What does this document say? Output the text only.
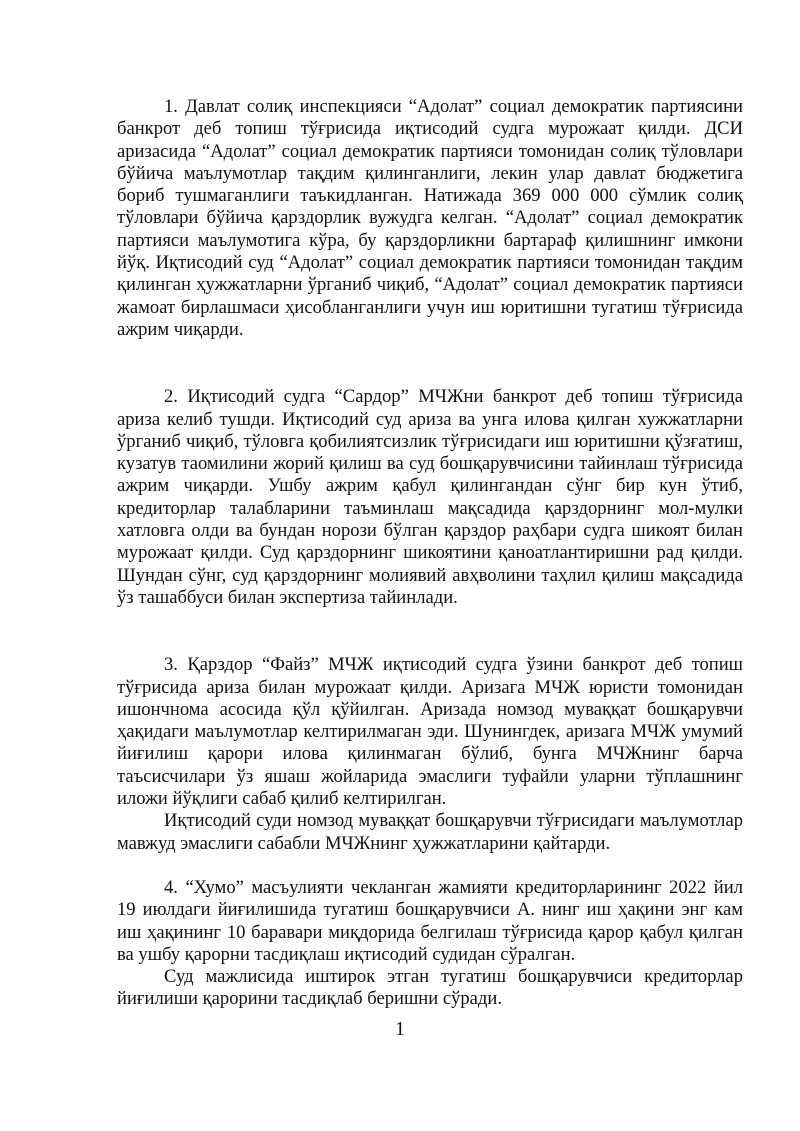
1. Давлат солиқ инспекцияси “Адолат” социал демократик партиясини банкрот деб топиш тўғрисида иқтисодий судга мурожаат қилди. ДСИ аризасида “Адолат” социал демократик партияси томонидан солиқ тўловлари бўйича маълумотлар тақдим қилинганлиги, лекин улар давлат бюджетига бориб тушмаганлиги таъкидланган. Натижада 369 000 000 сўмлик солиқ тўловлари бўйича қарздорлик вужудга келган. “Адолат” социал демократик партияси маълумотига кўра, бу қарздорликни бартараф қилишнинг имкони йўқ. Иқтисодий суд “Адолат” социал демократик партияси томонидан тақдим қилинган ҳужжатларни ўрганиб чиқиб, “Адолат” социал демократик партияси жамоат бирлашмаси ҳисобланганлиги учун иш юритишни тугатиш тўғрисида ажрим чиқарди.

2. Иқтисодий судга “Сардор” МЧЖни банкрот деб топиш тўғрисида ариза келиб тушди. Иқтисодий суд ариза ва унга илова қилган хужжатларни ўрганиб чиқиб, тўловга қобилиятсизлик тўғрисидаги иш юритишни қўзғатиш, кузатув таомилини жорий қилиш ва суд бошқарувчисини тайинлаш тўғрисида ажрим чиқарди. Ушбу ажрим қабул қилингандан сўнг бир кун ўтиб, кредиторлар талабларини таъминлаш мақсадида қарздорнинг мол-мулки хатловга олди ва бундан норози бўлган қарздор раҳбари судга шикоят билан мурожаат қилди. Суд қарздорнинг шикоятини қаноатлантиришни рад қилди. Шундан сўнг, суд қарздорнинг молиявий авҳволини таҳлил қилиш мақсадида ўз ташаббуси билан экспертиза тайинлади.

3. Қарздор “Файз” МЧЖ иқтисодий судга ўзини банкрот деб топиш тўғрисида ариза билан мурожаат қилди. Аризага МЧЖ юристи томонидан ишончнома асосида қўл қўйилган. Аризада номзод муваққат бошқарувчи ҳақидаги маълумотлар келтирилмаган эди. Шунингдек, аризага МЧЖ умумий йиғилиш қарори илова қилинмаган бўлиб, бунга МЧЖнинг барча таъсисчилари ўз яшаш жойларида эмаслиги туфайли уларни тўплашнинг иложи йўқлиги сабаб қилиб келтирилган.

Иқтисодий суди номзод муваққат бошқарувчи тўғрисидаги маълумотлар мавжуд эмаслиги сабабли МЧЖнинг ҳужжатларини қайтарди.

4. “Хумо” масъулияти чекланган жамияти кредиторларининг 2022 йил 19 июлдаги йиғилишида тугатиш бошқарувчиси А. нинг иш ҳақини энг кам иш ҳақининг 10 баравари миқдорида белгилаш тўғрисида қарор қабул қилган ва ушбу қарорни тасдиқлаш иқтисодий судидан сўралган.

Суд мажлисида иштирок этган тугатиш бошқарувчиси кредиторлар йиғилиши қарорини тасдиқлаб беришни сўради.

1
